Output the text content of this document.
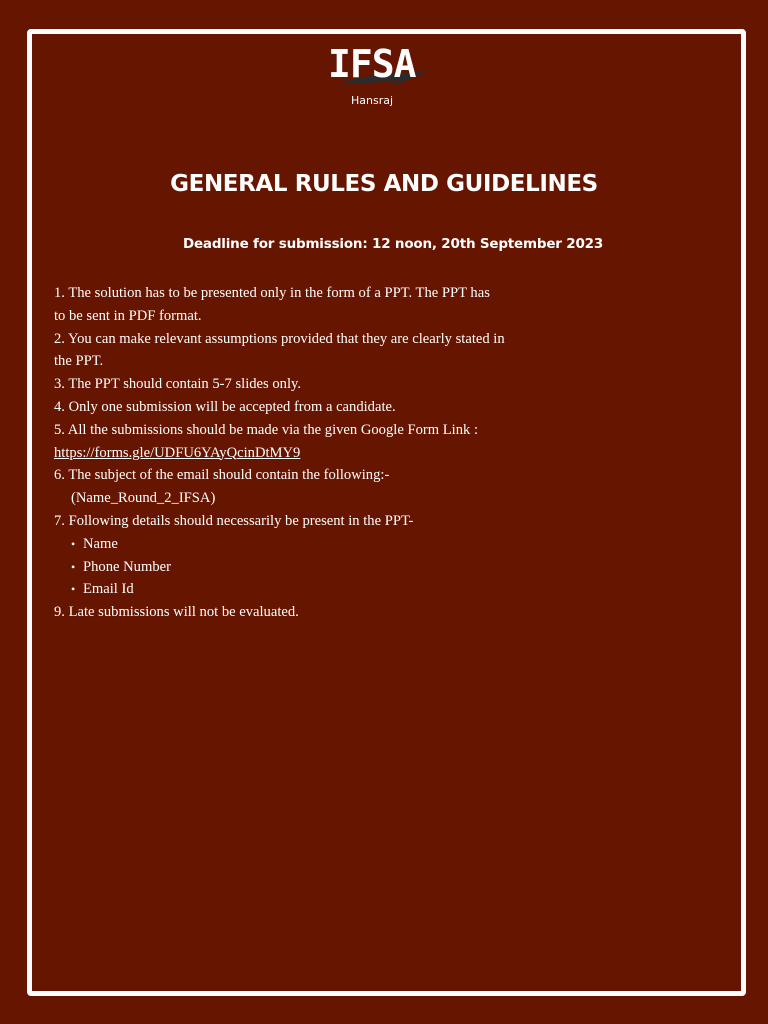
IFSA
Hansraj
GENERAL RULES AND GUIDELINES
Deadline for submission: 12 noon, 20th September 2023
1. The solution has to be presented only in the form of a PPT. The PPT has
to be sent in PDF format.
2. You can make relevant assumptions provided that they are clearly stated in
the PPT.
3. The PPT should contain 5-7 slides only.
4. Only one submission will be accepted from a candidate.
5. All the submissions should be made via the given Google Form Link :
https://forms.gle/UDFU6YAyQcinDtMY9
6. The subject of the email should contain the following:-
(Name_Round_2_IFSA)
7. Following details should necessarily be present in the PPT-
• Name
• Phone Number
• Email Id
9. Late submissions will not be evaluated.
